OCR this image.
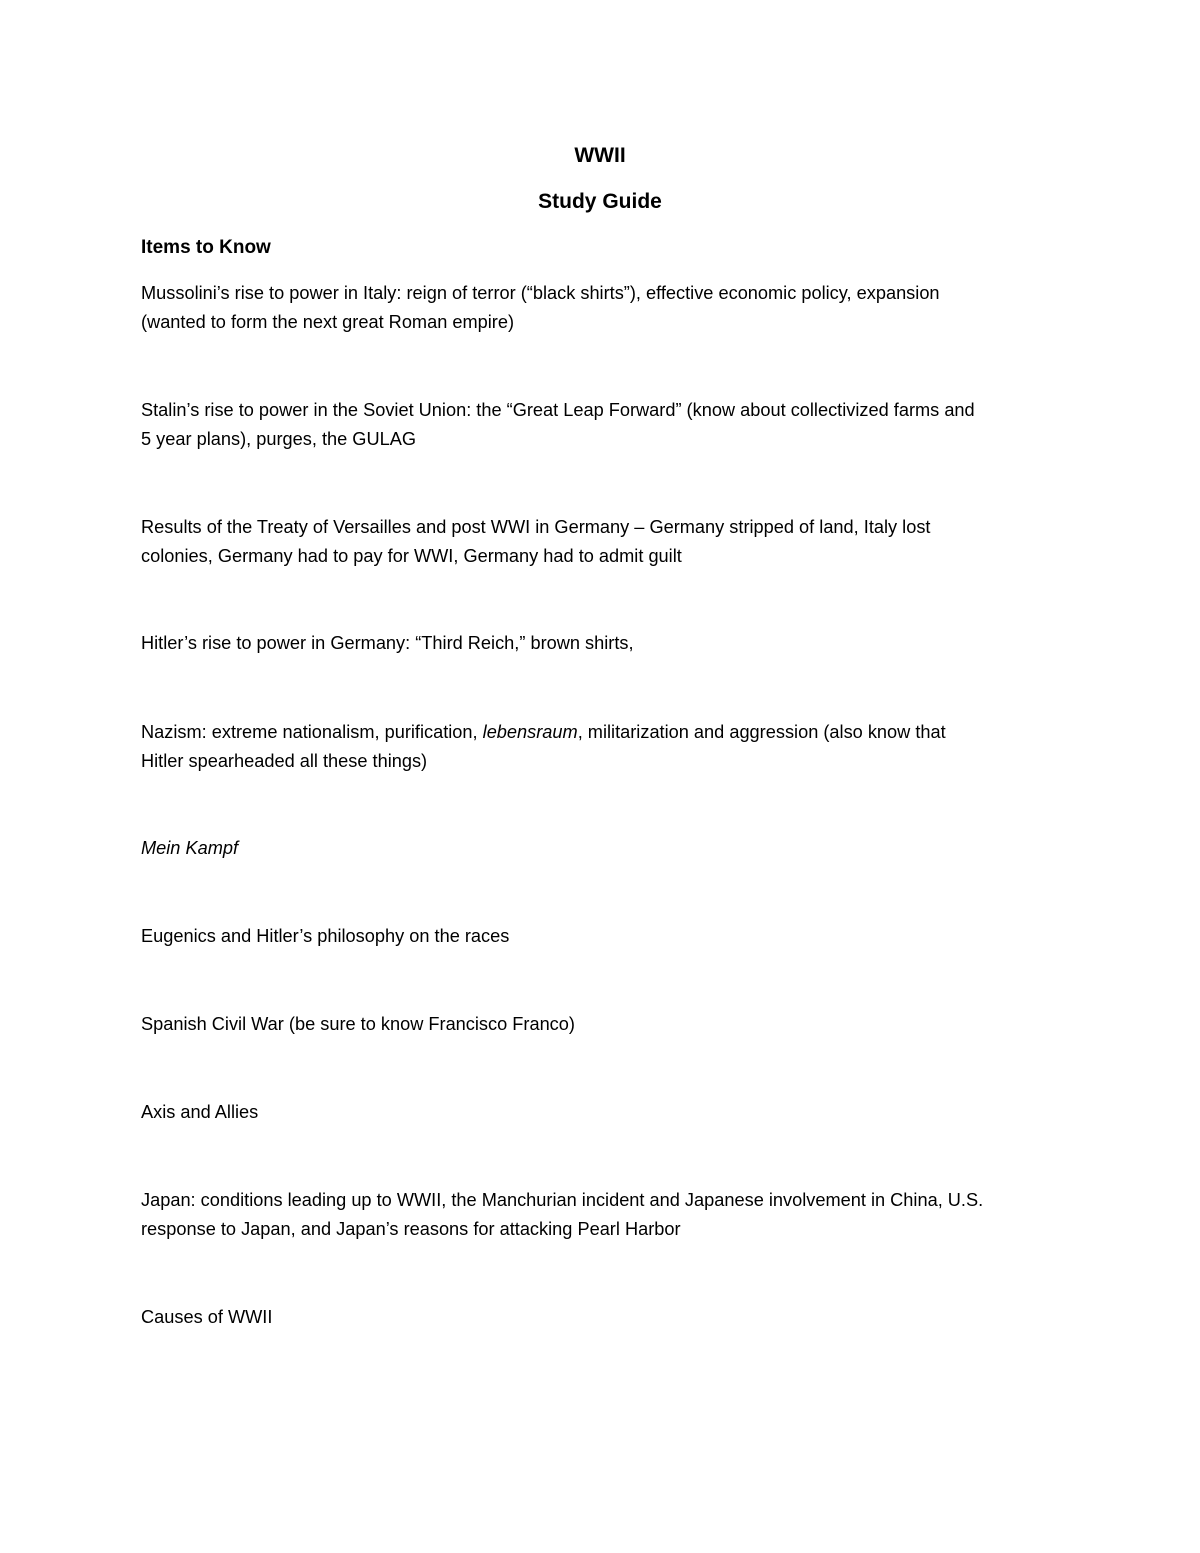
WWII
Study Guide
Items to Know
Mussolini’s rise to power in Italy: reign of terror (“black shirts”), effective economic policy, expansion
(wanted to form the next great Roman empire)
Stalin’s rise to power in the Soviet Union: the “Great Leap Forward” (know about collectivized farms and
5 year plans), purges, the GULAG
Results of the Treaty of Versailles and post WWI in Germany – Germany stripped of land, Italy lost
colonies, Germany had to pay for WWI, Germany had to admit guilt
Hitler’s rise to power in Germany: “Third Reich,” brown shirts,
Nazism: extreme nationalism, purification, lebensraum, militarization and aggression (also know that
Hitler spearheaded all these things)
Mein Kampf
Eugenics and Hitler’s philosophy on the races
Spanish Civil War (be sure to know Francisco Franco)
Axis and Allies
Japan: conditions leading up to WWII, the Manchurian incident and Japanese involvement in China, U.S.
response to Japan, and Japan’s reasons for attacking Pearl Harbor
Causes of WWII
